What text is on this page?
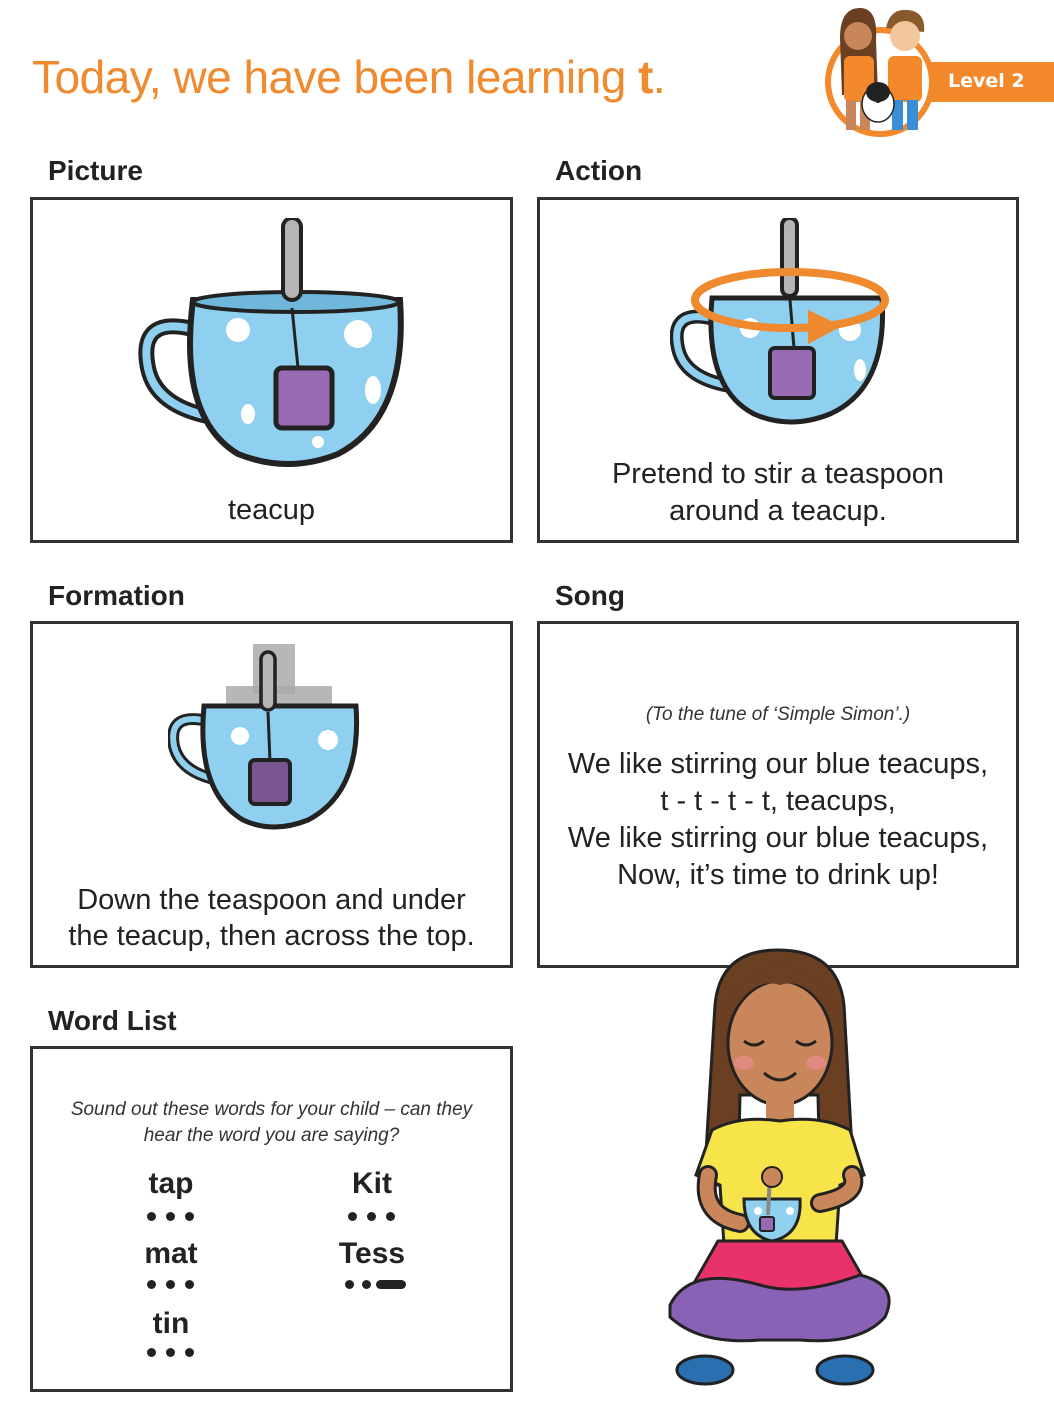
Today, we have been learning t.	Level 2
Picture
teacup
Action
Pretend to stir a teaspoon
around a teacup.
Formation
Down the teaspoon and under
the teacup, then across the top.
Song
(To the tune of ‘Simple Simon’.)
We like stirring our blue teacups,
t - t - t - t, teacups,
We like stirring our blue teacups,
Now, it’s time to drink up!
Word List
Sound out these words for your child – can they
hear the word you are saying?
tap	Kit
mat	Tess
tin
